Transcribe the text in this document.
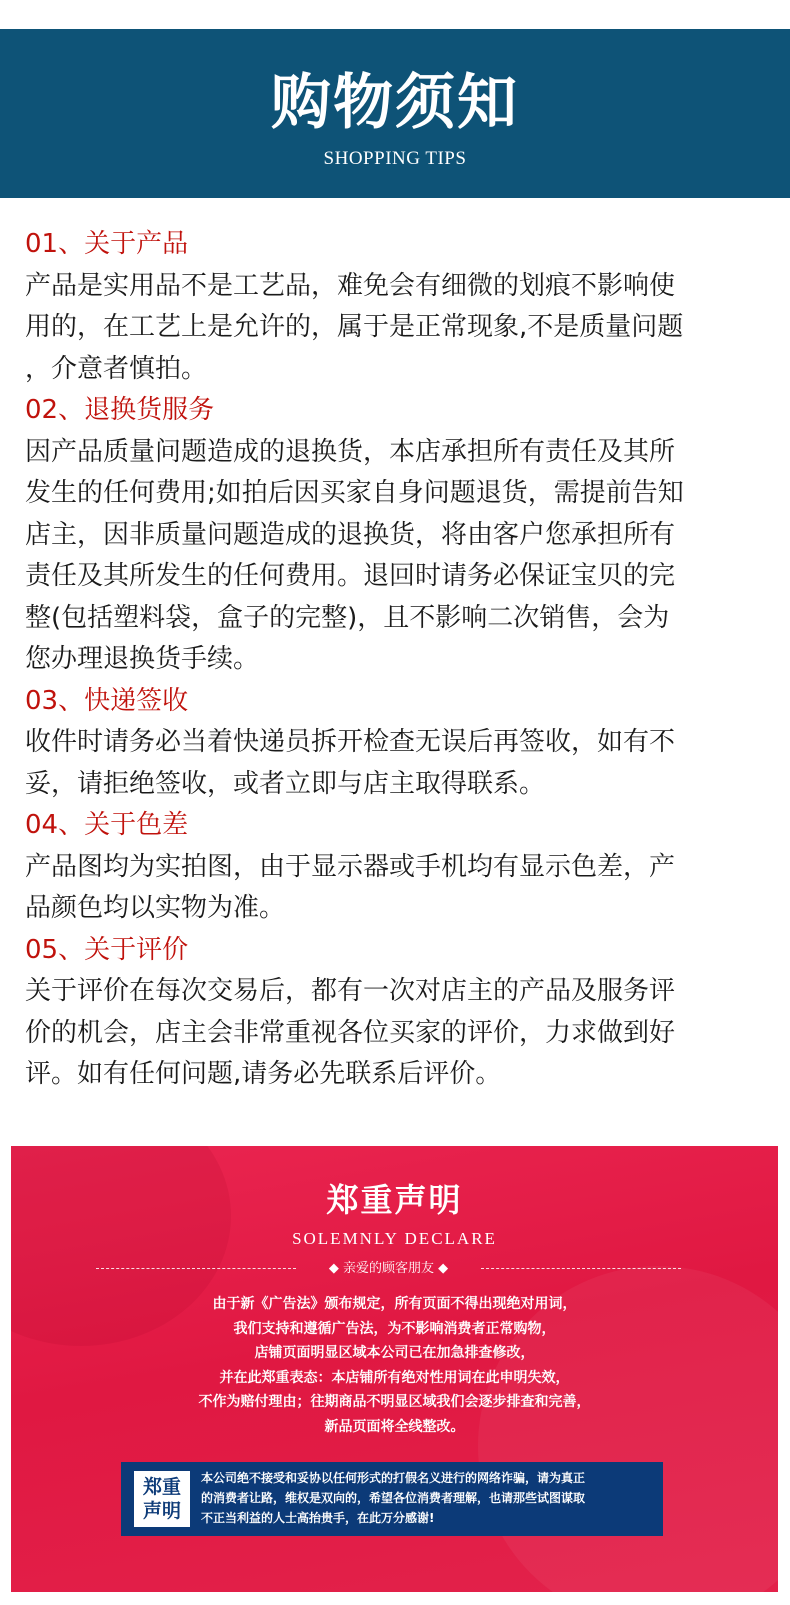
购物须知
SHOPPING TIPS
01、关于产品
产品是实用品不是工艺品，难免会有细微的划痕不影响使
用的，在工艺上是允许的，属于是正常现象,不是质量问题
，介意者慎拍。
02、退换货服务
因产品质量问题造成的退换货，本店承担所有责任及其所
发生的任何费用;如拍后因买家自身问题退货，需提前告知
店主，因非质量问题造成的退换货，将由客户您承担所有
责任及其所发生的任何费用。退回时请务必保证宝贝的完
整(包括塑料袋，盒子的完整)，且不影响二次销售，会为
您办理退换货手续。
03、快递签收
收件时请务必当着快递员拆开检查无误后再签收，如有不
妥，请拒绝签收，或者立即与店主取得联系。
04、关于色差
产品图均为实拍图，由于显示器或手机均有显示色差，产
品颜色均以实物为准。
05、关于评价
关于评价在每次交易后，都有一次对店主的产品及服务评
价的机会，店主会非常重视各位买家的评价，力求做到好
评。如有任何问题,请务必先联系后评价。
郑重声明
SOLEMNLY DECLARE
◆ 亲爱的顾客朋友 ◆
由于新《广告法》颁布规定，所有页面不得出现绝对用词，
我们支持和遵循广告法，为不影响消费者正常购物，
店铺页面明显区域本公司已在加急排查修改，
并在此郑重表态：本店铺所有绝对性用词在此申明失效，
不作为赔付理由；往期商品不明显区域我们会逐步排查和完善，
新品页面将全线整改。
郑重
声明
本公司绝不接受和妥协以任何形式的打假名义进行的网络诈骗，请为真正
的消费者让路，维权是双向的，希望各位消费者理解，也请那些试图谋取
不正当利益的人士高抬贵手，在此万分感谢!
